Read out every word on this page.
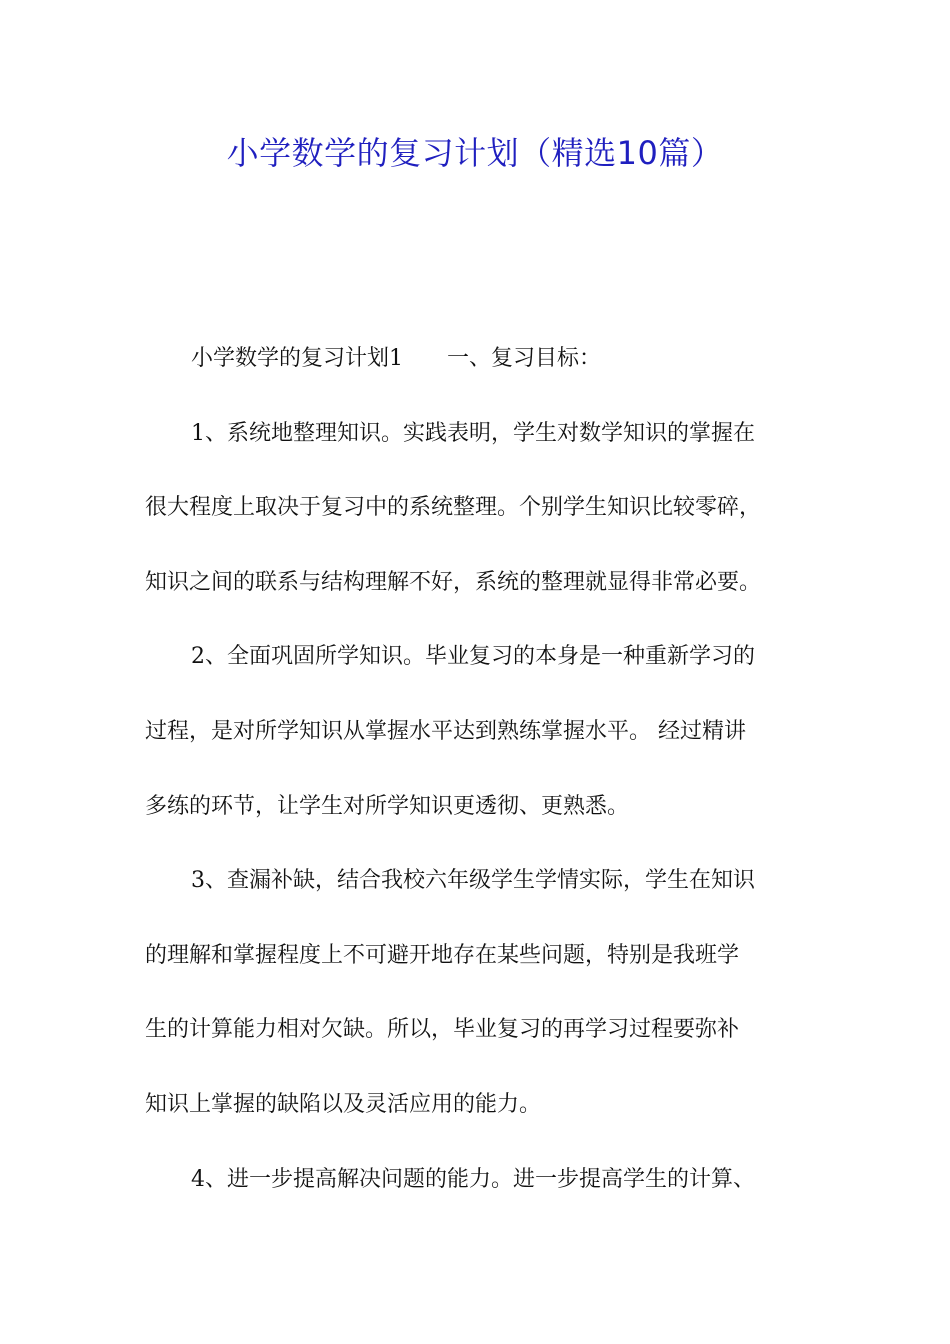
小学数学的复习计划（精选10篇）

小学数学的复习计划1 一、复习目标：

1、系统地整理知识。实践表明，学生对数学知识的掌握在

很大程度上取决于复习中的系统整理。个别学生知识比较零碎，

知识之间的联系与结构理解不好，系统的整理就显得非常必要。

2、全面巩固所学知识。毕业复习的本身是一种重新学习的

过程，是对所学知识从掌握水平达到熟练掌握水平。 经过精讲

多练的环节，让学生对所学知识更透彻、更熟悉。

3、查漏补缺，结合我校六年级学生学情实际，学生在知识

的理解和掌握程度上不可避开地存在某些问题，特别是我班学

生的计算能力相对欠缺。所以，毕业复习的再学习过程要弥补

知识上掌握的缺陷以及灵活应用的能力。

4、进一步提高解决问题的能力。进一步提高学生的计算、
